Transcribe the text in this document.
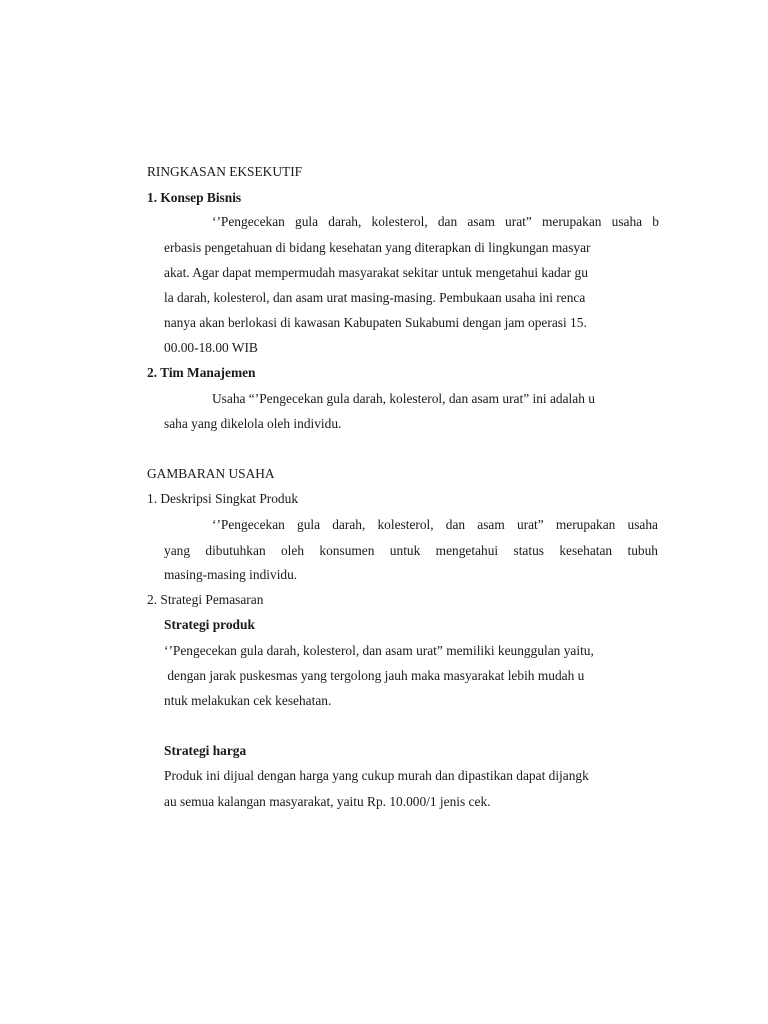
RINGKASAN EKSEKUTIF
1. Konsep Bisnis
‘’Pengecekan gula darah, kolesterol, dan asam urat” merupakan usaha b
erbasis pengetahuan di bidang kesehatan yang diterapkan di lingkungan masyar
akat. Agar dapat mempermudah masyarakat sekitar untuk mengetahui kadar gu
la darah, kolesterol, dan asam urat masing-masing. Pembukaan usaha ini renca
nanya akan berlokasi di kawasan Kabupaten Sukabumi dengan jam operasi 15.
00.00-18.00 WIB
2. Tim Manajemen
Usaha “’Pengecekan gula darah, kolesterol, dan asam urat” ini adalah u
saha yang dikelola oleh individu.
GAMBARAN USAHA
1. Deskripsi Singkat Produk
‘’Pengecekan gula darah, kolesterol, dan asam urat” merupakan usaha
yang dibutuhkan oleh konsumen untuk mengetahui status kesehatan tubuh
masing-masing individu.
2. Strategi Pemasaran
Strategi produk
‘’Pengecekan gula darah, kolesterol, dan asam urat” memiliki keunggulan yaitu,
dengan jarak puskesmas yang tergolong jauh maka masyarakat lebih mudah u
ntuk melakukan cek kesehatan.
Strategi harga
Produk ini dijual dengan harga yang cukup murah dan dipastikan dapat dijangk
au semua kalangan masyarakat, yaitu Rp. 10.000/1 jenis cek.
